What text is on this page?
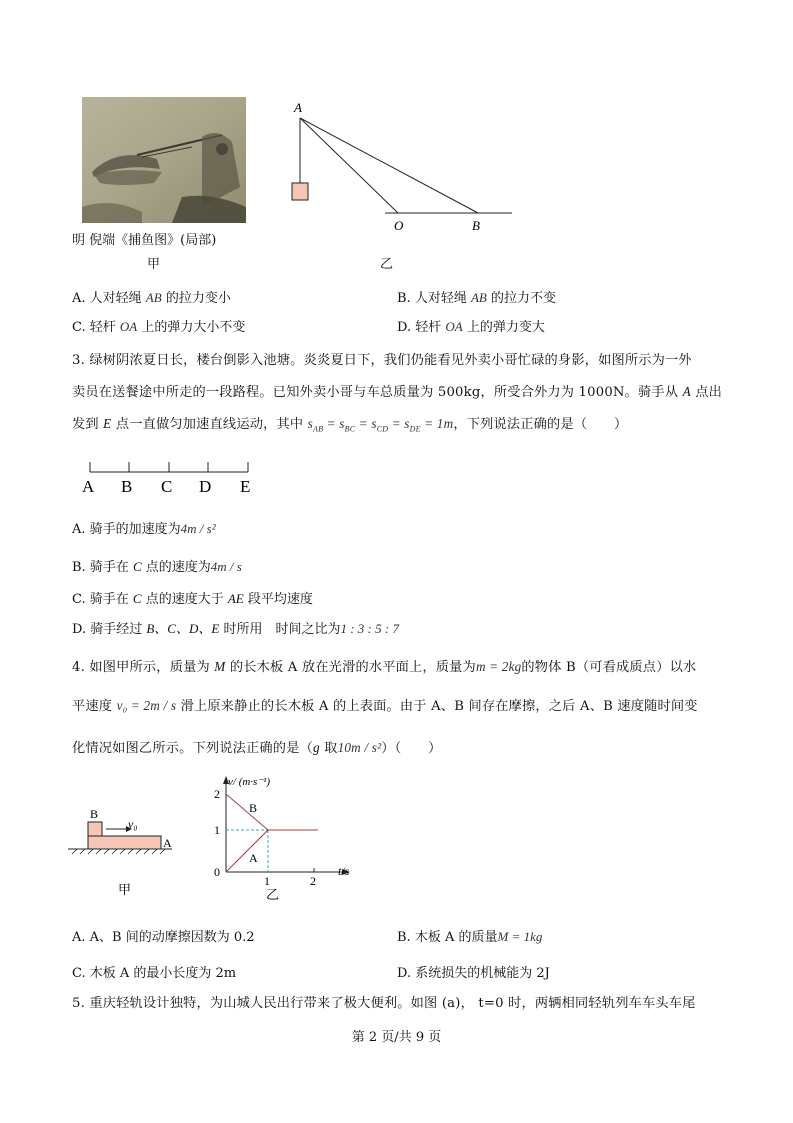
明 倪端《捕鱼图》(局部)
甲
A
O	B
乙
A. 人对轻绳 AB 的拉力变小	B. 人对轻绳 AB 的拉力不变
C. 轻杆 OA 上的弹力大小不变	D. 轻杆 OA 上的弹力变大
3. 绿树阴浓夏日长，楼台倒影入池塘。炎炎夏日下，我们仍能看见外卖小哥忙碌的身影，如图所示为一外
卖员在送餐途中所走的一段路程。已知外卖小哥与车总质量为 500kg，所受合外力为 1000N。骑手从 A 点出
发到 E 点一直做匀加速直线运动，其中 $s_{AB} = s_{BC} = s_{CD} = s_{DE} = 1m$，下列说法正确的是（　　）
A B C D E
A. 骑手的加速度为4m / s²
B. 骑手在 C 点的速度为4m / s
C. 骑手在 C 点的速度大于 AE 段平均速度
D. 骑手经过 B、C、D、E 时所用　时间之比为1 : 3 : 5 : 7
4. 如图甲所示，质量为 M 的长木板 A 放在光滑的水平面上，质量为m = 2kg的物体 B（可看成质点）以水
平速度 v₀ = 2m / s 滑上原来静止的长木板 A 的上表面。由于 A、B 间存在摩擦，之后 A、B 速度随时间变
化情况如图乙所示。下列说法正确的是（g 取10m / s²）（　　）
B
A
v₀
甲
v/ (m·s⁻¹)
t/s
2
1
0
1	2
B
A
乙
A. A、B 间的动摩擦因数为 0.2	B. 木板 A 的质量M = 1kg
C. 木板 A 的最小长度为 2m	D. 系统损失的机械能为 2J
5. 重庆轻轨设计独特，为山城人民出行带来了极大便利。如图 (a)， t=0 时，两辆相同轻轨列车车头车尾
第 2 页/共 9 页
